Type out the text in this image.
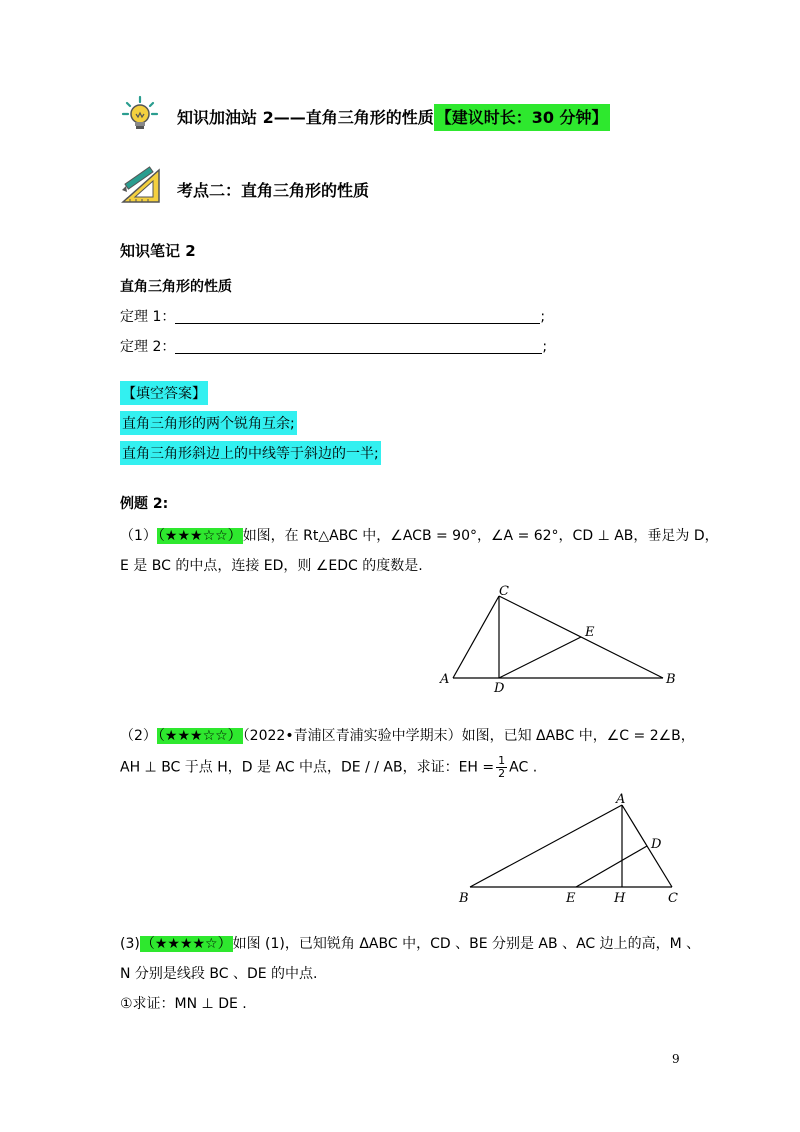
知识加油站 2——直角三角形的性质 【建议时长：30 分钟】
考点二：直角三角形的性质
知识笔记 2
直角三角形的性质
定理 1：	;
定理 2：	;
【填空答案】
直角三角形的两个锐角互余;
直角三角形斜边上的中线等于斜边的一半;
例题 2:
（1）（★★★☆☆）如图，在 Rt△ABC 中，∠ACB = 90°，∠A = 62°，CD ⊥ AB，垂足为 D，
E 是 BC 的中点，连接 ED，则 ∠EDC 的度数是.
C
E
A
D
B
（2）（★★★☆☆）（2022•青浦区青浦实验中学期末）如图，已知 ΔABC 中，∠C = 2∠B，
AH ⊥ BC 于点 H，D 是 AC 中点，DE / / AB，求证：EH = $\frac{1}{2}$ AC .
A
D
B	E	H	C
(3)（★★★★☆）如图 (1)，已知锐角 ΔABC 中，CD 、BE 分别是 AB 、AC 边上的高，M 、
N 分别是线段 BC 、DE 的中点.
①求证：MN ⊥ DE .
9
